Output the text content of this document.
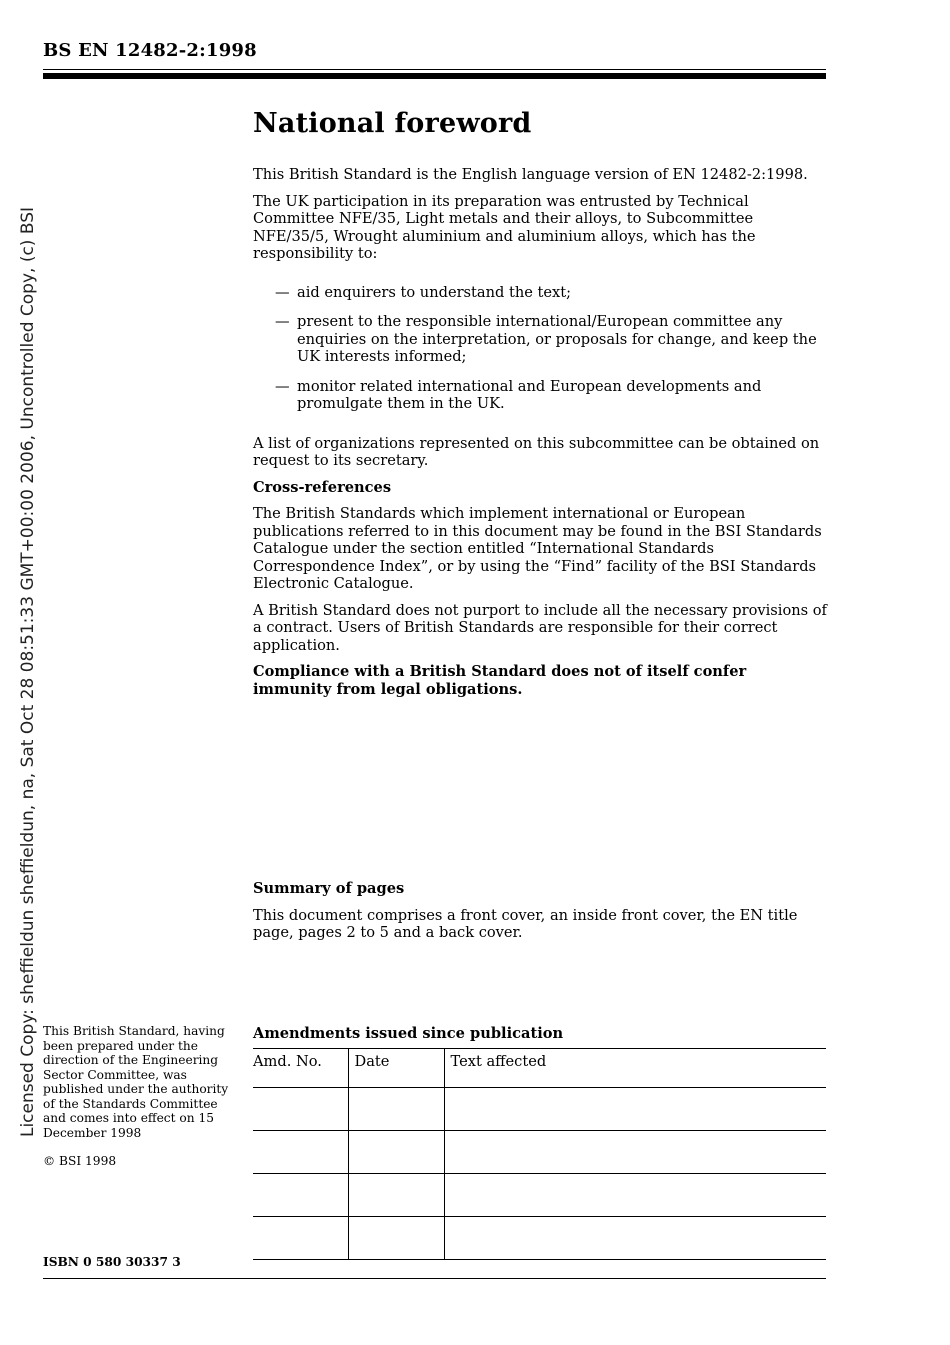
BS EN 12482-2:1998
Licensed Copy: sheffieldun sheffieldun, na, Sat Oct 28 08:51:33 GMT+00:00 2006, Uncontrolled Copy, (c) BSI
National foreword

This British Standard is the English language version of EN 12482-2:1998.

The UK participation in its preparation was entrusted by Technical Committee NFE/35, Light metals and their alloys, to Subcommittee NFE/35/5, Wrought aluminium and aluminium alloys, which has the responsibility to:

— aid enquirers to understand the text;
— present to the responsible international/European committee any enquiries on the interpretation, or proposals for change, and keep the UK interests informed;
— monitor related international and European developments and promulgate them in the UK.

A list of organizations represented on this subcommittee can be obtained on request to its secretary.

Cross-references

The British Standards which implement international or European publications referred to in this document may be found in the BSI Standards Catalogue under the section entitled “International Standards Correspondence Index”, or by using the “Find” facility of the BSI Standards Electronic Catalogue.

A British Standard does not purport to include all the necessary provisions of a contract. Users of British Standards are responsible for their correct application.

Compliance with a British Standard does not of itself confer immunity from legal obligations.

Summary of pages

This document comprises a front cover, an inside front cover, the EN title page, pages 2 to 5 and a back cover.

This British Standard, having been prepared under the direction of the Engineering Sector Committee, was published under the authority of the Standards Committee and comes into effect on 15 December 1998
© BSI 1998
ISBN 0 580 30337 3
Amendments issued since publication
Amd. No.	Date	Text affected
